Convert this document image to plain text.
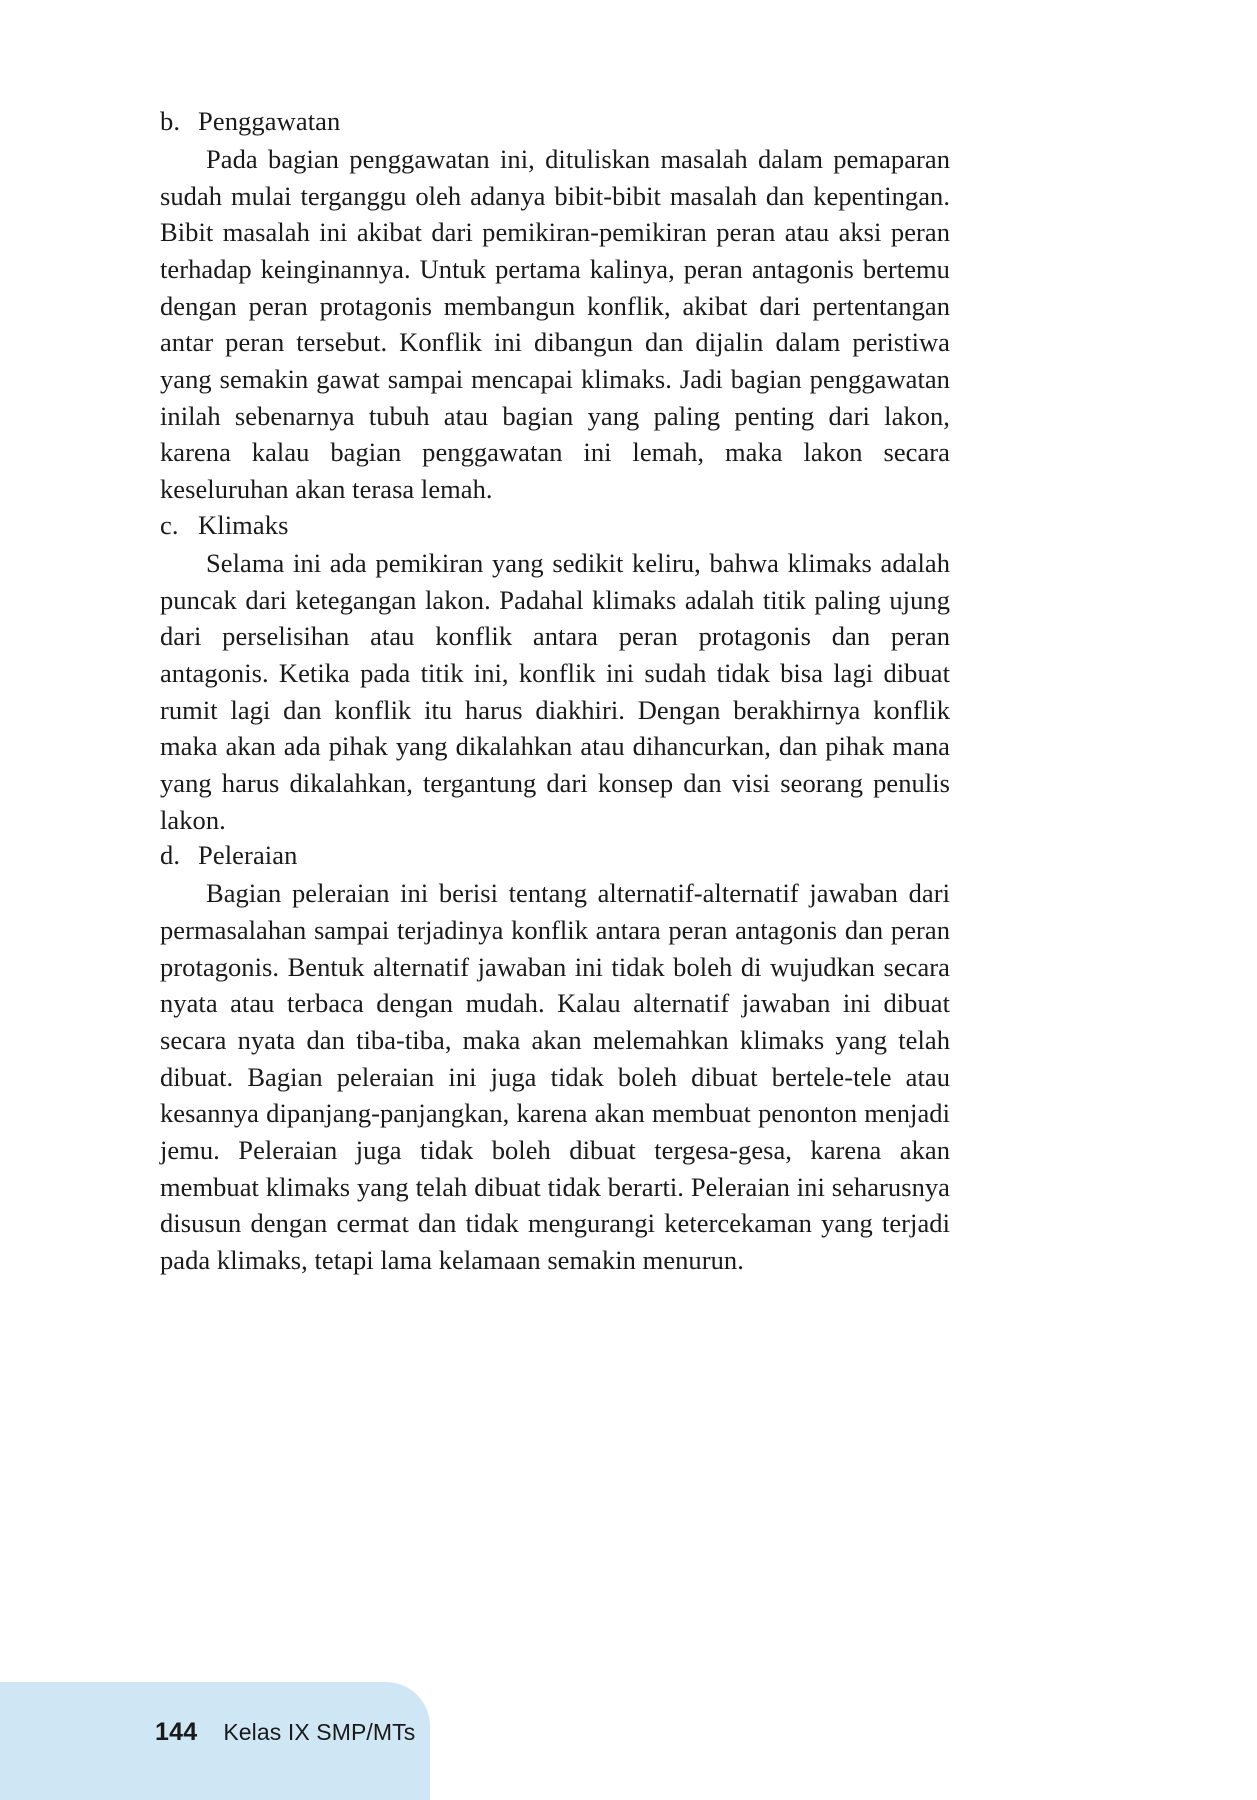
b. Penggawatan

Pada bagian penggawatan ini, dituliskan masalah dalam pemaparan sudah mulai terganggu oleh adanya bibit-bibit masalah dan kepentingan. Bibit masalah ini akibat dari pemikiran-pemikiran peran atau aksi peran terhadap keinginannya. Untuk pertama kalinya, peran antagonis bertemu dengan peran protagonis membangun konflik, akibat dari pertentangan antar peran tersebut. Konflik ini dibangun dan dijalin dalam peristiwa yang semakin gawat sampai mencapai klimaks. Jadi bagian penggawatan inilah sebenarnya tubuh atau bagian yang paling penting dari lakon, karena kalau bagian penggawatan ini lemah, maka lakon secara keseluruhan akan terasa lemah.

c. Klimaks

Selama ini ada pemikiran yang sedikit keliru, bahwa klimaks adalah puncak dari ketegangan lakon. Padahal klimaks adalah titik paling ujung dari perselisihan atau konflik antara peran protagonis dan peran antagonis. Ketika pada titik ini, konflik ini sudah tidak bisa lagi dibuat rumit lagi dan konflik itu harus diakhiri. Dengan berakhirnya konflik maka akan ada pihak yang dikalahkan atau dihancurkan, dan pihak mana yang harus dikalahkan, tergantung dari konsep dan visi seorang penulis lakon.

d. Peleraian

Bagian peleraian ini berisi tentang alternatif-alternatif jawaban dari permasalahan sampai terjadinya konflik antara peran antagonis dan peran protagonis. Bentuk alternatif jawaban ini tidak boleh di wujudkan secara nyata atau terbaca dengan mudah. Kalau alternatif jawaban ini dibuat secara nyata dan tiba-tiba, maka akan melemahkan klimaks yang telah dibuat. Bagian peleraian ini juga tidak boleh dibuat bertele-tele atau kesannya dipanjang-panjangkan, karena akan membuat penonton menjadi jemu. Peleraian juga tidak boleh dibuat tergesa-gesa, karena akan membuat klimaks yang telah dibuat tidak berarti. Peleraian ini seharusnya disusun dengan cermat dan tidak mengurangi ketercekaman yang terjadi pada klimaks, tetapi lama kelamaan semakin menurun.

144 Kelas IX SMP/MTs
